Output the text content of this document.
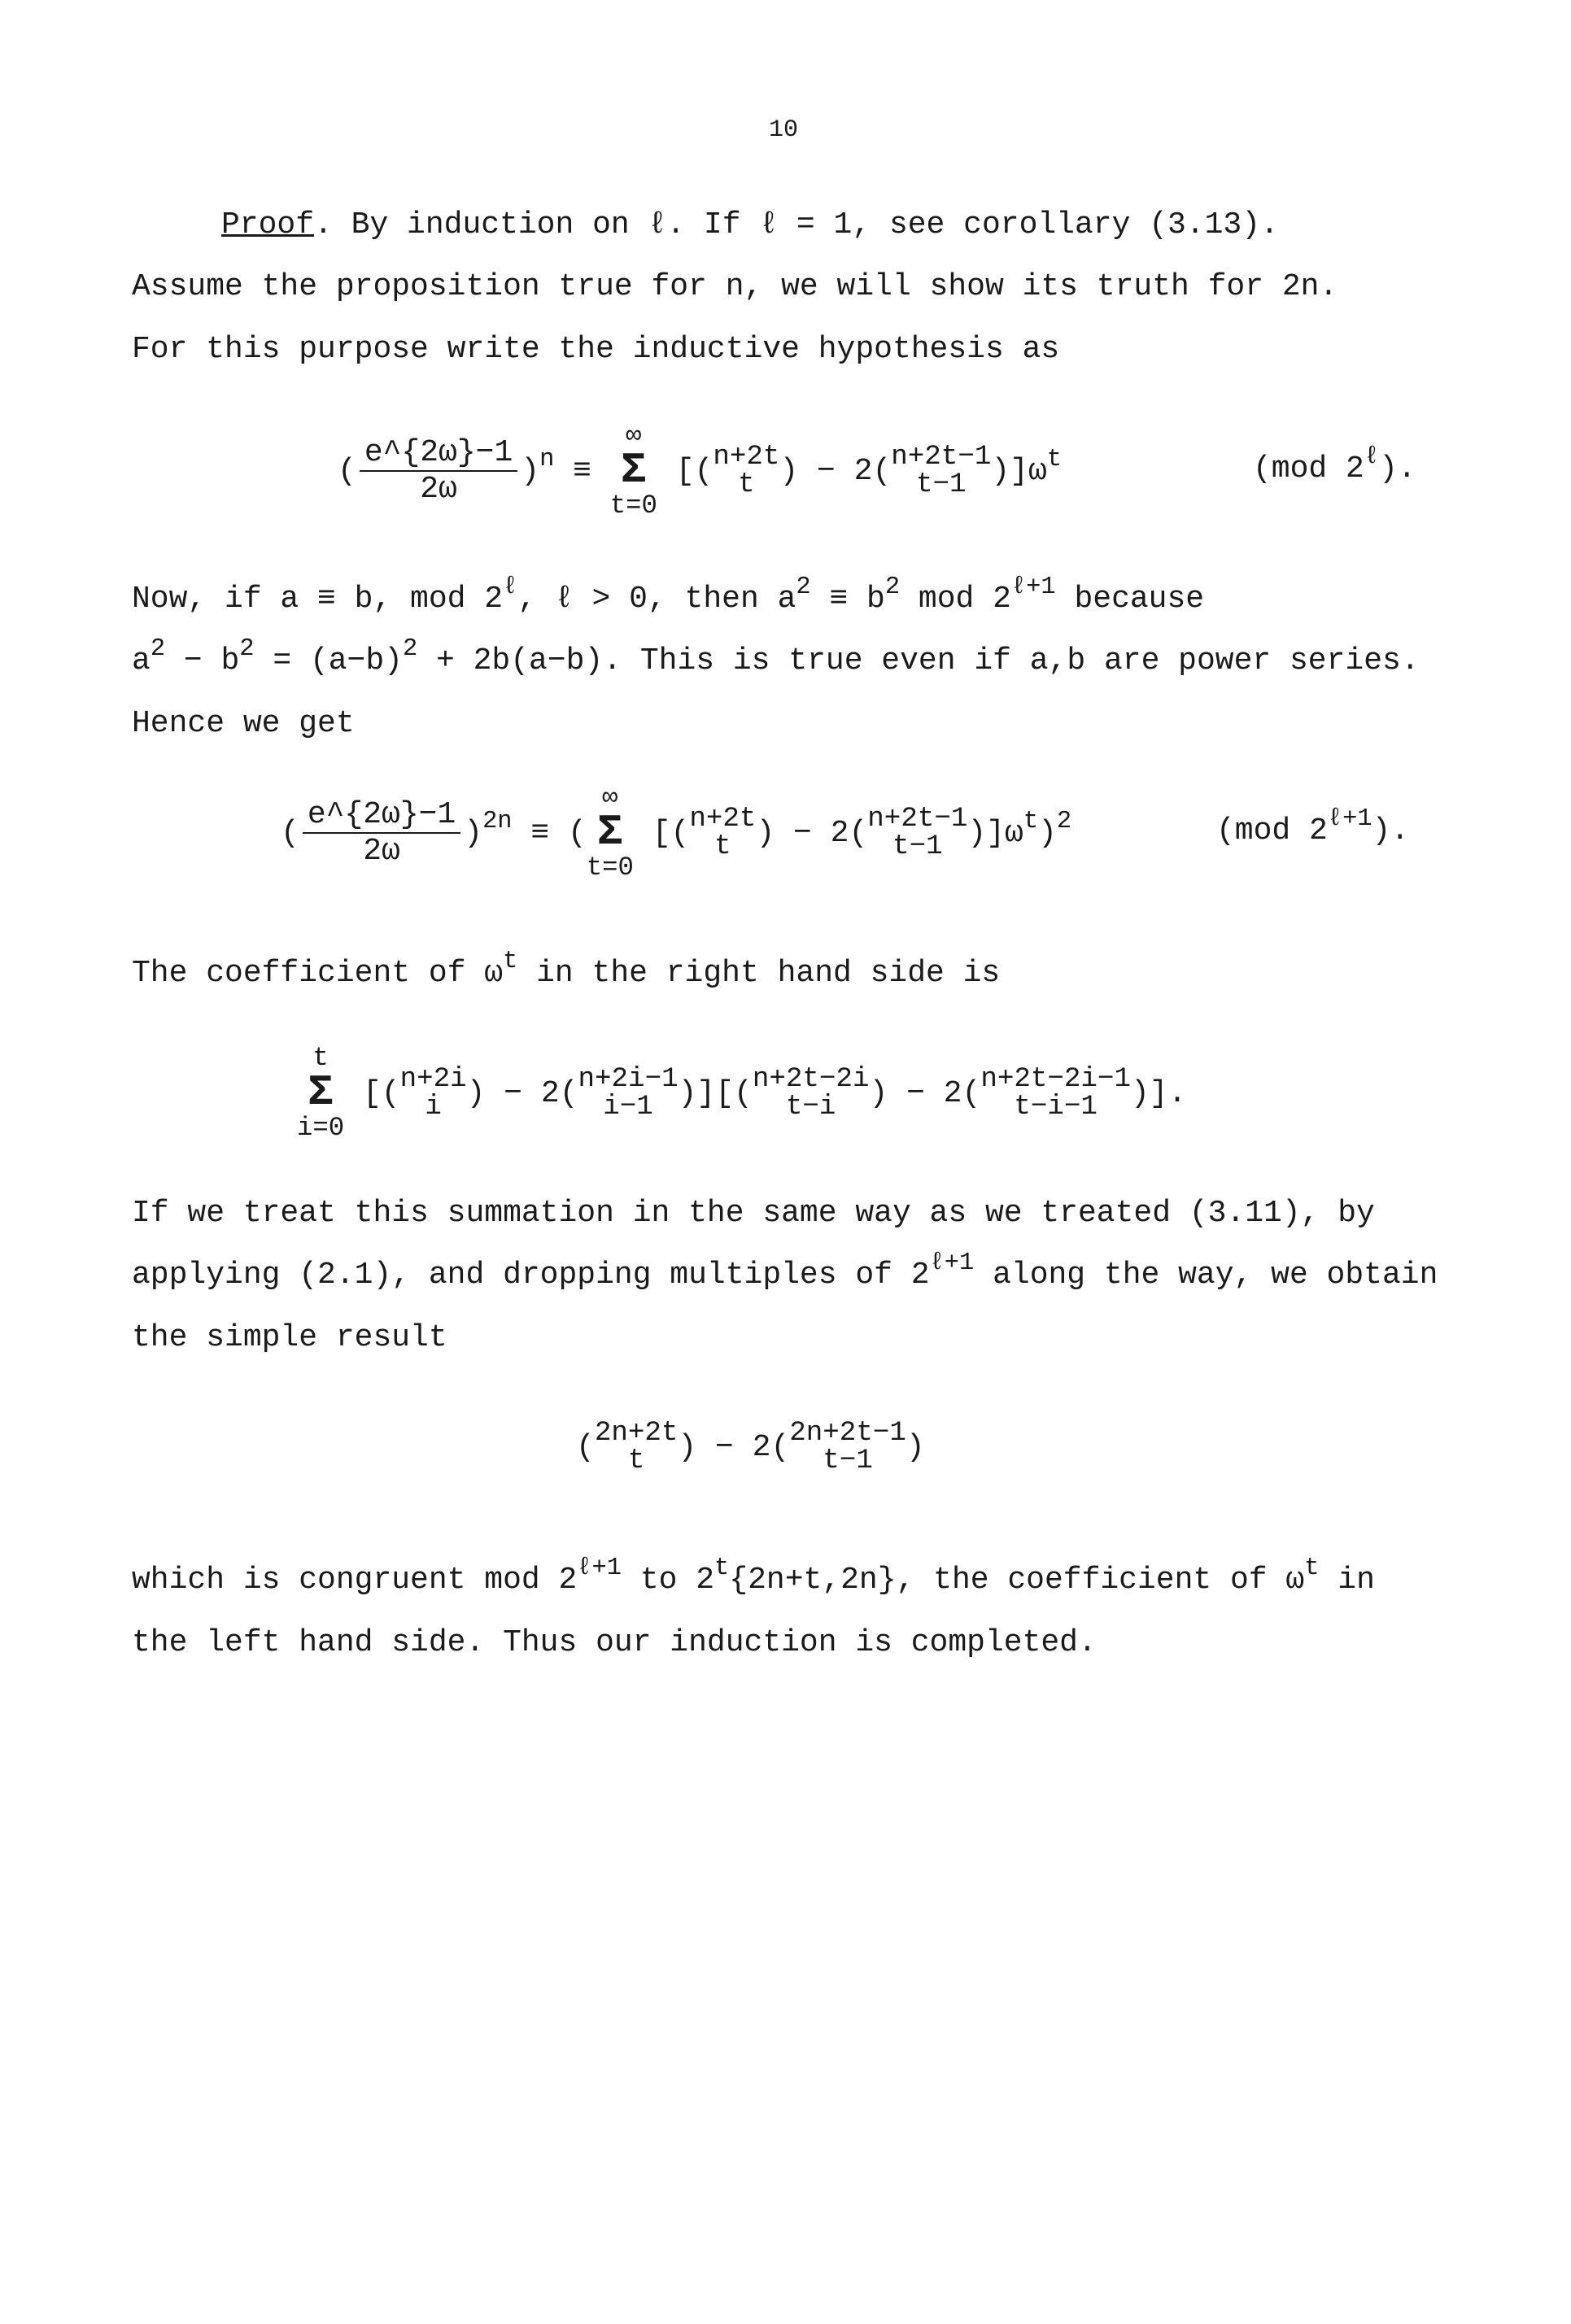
10
Proof. By induction on ℓ. If ℓ = 1, see corollary (3.13).
Assume the proposition true for n, we will show its truth for 2n.
For this purpose write the inductive hypothesis as
( $\frac{e\^{}\{2\omega\}-1}{2\omega} )^n$ ≡
∞
Σ
t=0
[( n+2t
t ) − 2( n+2t−1
t−1 )]$\omega^t$	(mod $2^\ell$).
Now, if a ≡ b, mod $2^\ell$, ℓ > 0, then $a^2 \equiv b^2$ mod $2^{\ell+1}$ because
$a^2 - b^2 = (a-b)^2 + 2b(a-b)$. This is true even if a,b are power series.
Hence we get
( $\frac{e\^{}\{2\omega\}-1}{2\omega} )^{2n}$ ≡ (
∞
Σ
t=0
[( n+2t
t ) − 2( n+2t−1
t−1 )]$\omega^t)^2$	(mod $2^{\ell+1}$).
The coefficient of $\omega^t$ in the right hand side is
t
Σ
i=0
[( n+2i
i ) − 2( n+2i−1
i−1 )][( n+2t−2i
t−i	) − 2( n+2t−2i−1
t−i−1	)].
If we treat this summation in the same way as we treated (3.11), by
applying (2.1), and dropping multiples of $2^{\ell+1}$ along the way, we obtain
the simple result
( 2n+2t
t	) − 2( 2n+2t−1
t−1	)
which is congruent mod $2^{\ell+1}$ to $2^t\{2n+t,2n\}$, the coefficient of $\omega^t$ in
the left hand side. Thus our induction is completed.
